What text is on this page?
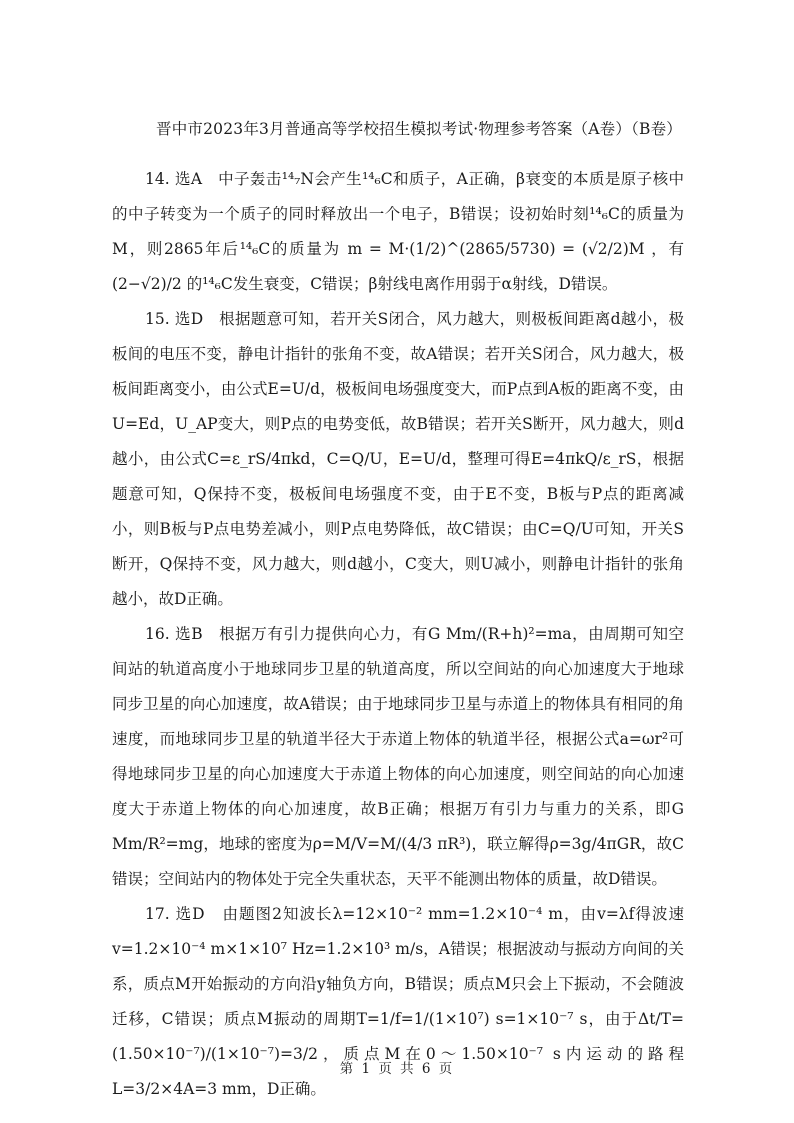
晋中市2023年3月普通高等学校招生模拟考试·物理参考答案（A卷）（B卷）

14. 选A 中子轰击¹⁴₇N会产生¹⁴₆C和质子，A正确，β衰变的本质是原子核中的中子转变为一个质子的同时释放出一个电子，B错误；设初始时刻¹⁴₆C的质量为M，则2865年后¹⁴₆C的质量为 m = M·(1/2)^(2865/5730) = (√2/2)M ，有 (2−√2)/2 的¹⁴₆C发生衰变，C错误；β射线电离作用弱于α射线，D错误。

15. 选D 根据题意可知，若开关S闭合，风力越大，则极板间距离d越小，极板间的电压不变，静电计指针的张角不变，故A错误；若开关S闭合，风力越大，极板间距离变小，由公式E=U/d，极板间电场强度变大，而P点到A板的距离不变，由U=Ed，U_AP变大，则P点的电势变低，故B错误；若开关S断开，风力越大，则d越小，由公式C=ε_rS/4πkd，C=Q/U，E=U/d，整理可得E=4πkQ/ε_rS，根据题意可知，Q保持不变，极板间电场强度不变，由于E不变，B板与P点的距离减小，则B板与P点电势差减小，则P点电势降低，故C错误；由C=Q/U可知，开关S断开，Q保持不变，风力越大，则d越小，C变大，则U减小，则静电计指针的张角越小，故D正确。

16. 选B 根据万有引力提供向心力，有G Mm/(R+h)²=ma，由周期可知空间站的轨道高度小于地球同步卫星的轨道高度，所以空间站的向心加速度大于地球同步卫星的向心加速度，故A错误；由于地球同步卫星与赤道上的物体具有相同的角速度，而地球同步卫星的轨道半径大于赤道上物体的轨道半径，根据公式a=ωr²可得地球同步卫星的向心加速度大于赤道上物体的向心加速度，则空间站的向心加速度大于赤道上物体的向心加速度，故B正确；根据万有引力与重力的关系，即G Mm/R²=mg，地球的密度为ρ=M/V=M/(4/3 πR³)，联立解得ρ=3g/4πGR，故C错误；空间站内的物体处于完全失重状态，天平不能测出物体的质量，故D错误。

17. 选D 由题图2知波长λ=12×10⁻² mm=1.2×10⁻⁴ m，由v=λf得波速v=1.2×10⁻⁴ m×1×10⁷ Hz=1.2×10³ m/s，A错误；根据波动与振动方向间的关系，质点M开始振动的方向沿y轴负方向，B错误；质点M只会上下振动，不会随波迁移，C错误；质点M振动的周期T=1/f=1/(1×10⁷) s=1×10⁻⁷ s，由于Δt/T=(1.50×10⁻⁷)/(1×10⁻⁷)=3/2，质点M在0～1.50×10⁻⁷ s内运动的路程L=3/2×4A=3 mm，D正确。

第 1 页 共 6 页
